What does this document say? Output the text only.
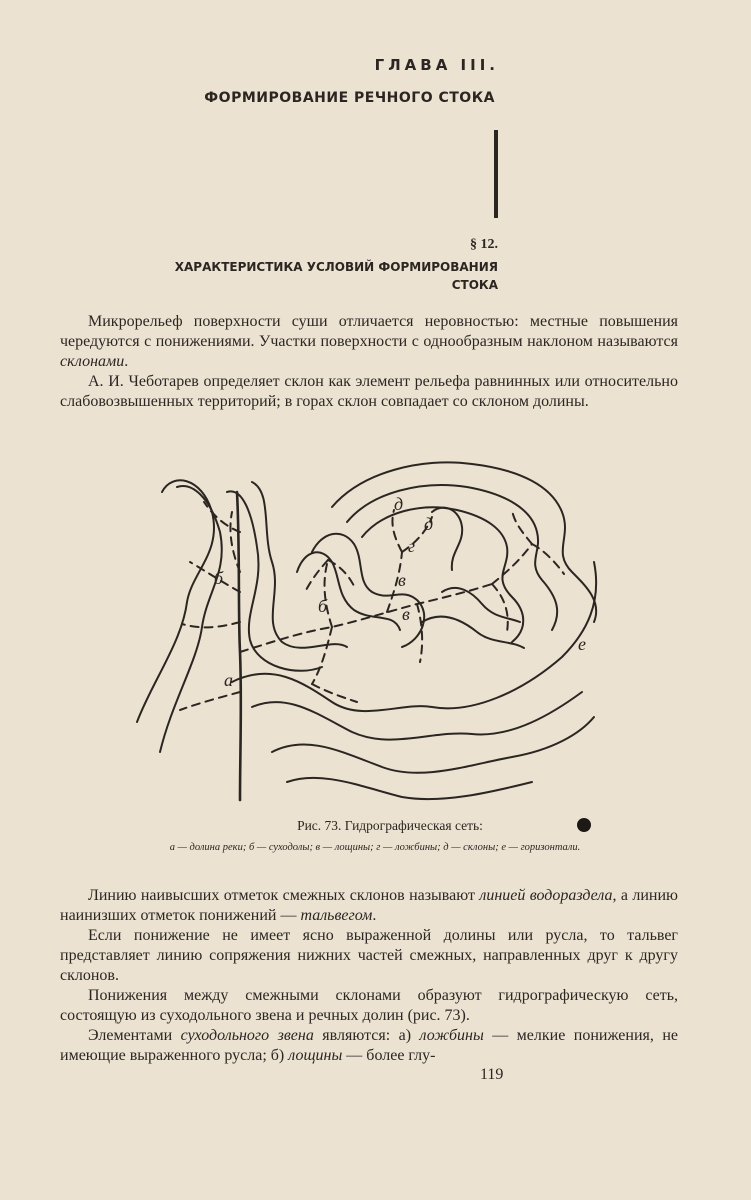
ГЛАВА III.
ФОРМИРОВАНИЕ РЕЧНОГО СТОКА
§ 12.
ХАРАКТЕРИСТИКА УСЛОВИЙ ФОРМИРОВАНИЯ
СТОКА

Микрорельеф поверхности суши отличается неровностью: местные повышения чередуются с понижениями. Участки поверхности с однообразным наклоном называются склонами.

А. И. Чеботарев определяет склон как элемент рельефа равнинных или относительно слабовозвышенных территорий; в горах склон совпадает со склоном долины.

а
б
б
в
в
г
д
д
е
Рис. 73. Гидрографическая сеть:
а — долина реки; б — суходолы; в — лощины; г — ложбины; д — склоны; е — горизонтали.

Линию наивысших отметок смежных склонов называют линией водораздела, а линию наинизших отметок понижений — тальвегом.

Если понижение не имеет ясно выраженной долины или русла, то тальвег представляет линию сопряжения нижних частей смежных, направленных друг к другу склонов.

Понижения между смежными склонами образуют гидрографическую сеть, состоящую из суходольного звена и речных долин (рис. 73).

Элементами суходольного звена являются: а) ложбины — мелкие понижения, не имеющие выраженного русла; б) лощины — более глу-

119
